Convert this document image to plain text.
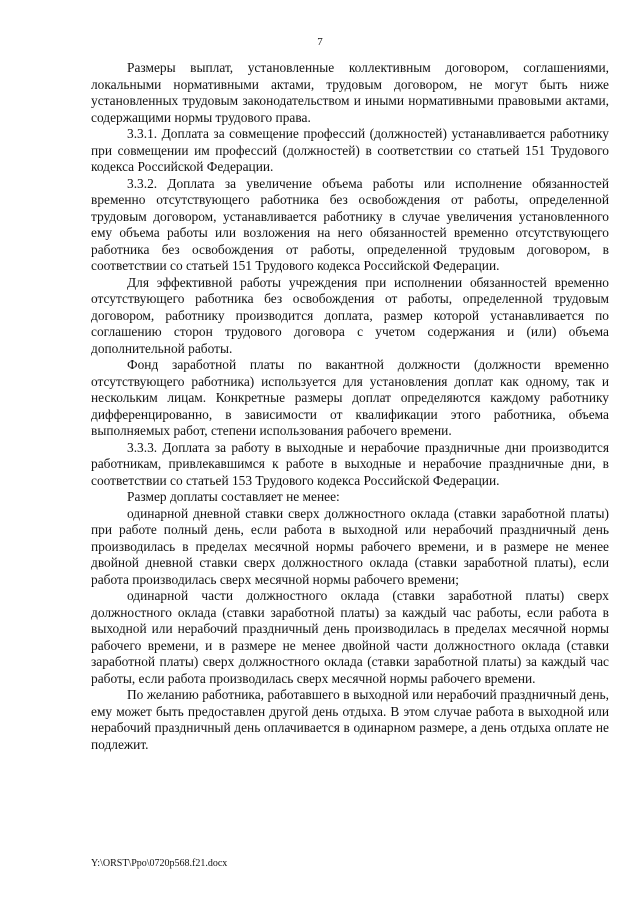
7

Размеры выплат, установленные коллективным договором, соглашениями, локальными нормативными актами, трудовым договором, не могут быть ниже установленных трудовым законодательством и иными нормативными правовыми актами, содержащими нормы трудового права.

3.3.1. Доплата за совмещение профессий (должностей) устанавливается работнику при совмещении им профессий (должностей) в соответствии со статьей 151 Трудового кодекса Российской Федерации.

3.3.2. Доплата за увеличение объема работы или исполнение обязанностей временно отсутствующего работника без освобождения от работы, определенной трудовым договором, устанавливается работнику в случае увеличения установленного ему объема работы или возложения на него обязанностей временно отсутствующего работника без освобождения от работы, определенной трудовым договором, в соответствии со статьей 151 Трудового кодекса Российской Федерации.

Для эффективной работы учреждения при исполнении обязанностей временно отсутствующего работника без освобождения от работы, определенной трудовым договором, работнику производится доплата, размер которой устанавливается по соглашению сторон трудового договора с учетом содержания и (или) объема дополнительной работы.

Фонд заработной платы по вакантной должности (должности временно отсутствующего работника) используется для установления доплат как одному, так и нескольким лицам. Конкретные размеры доплат определяются каждому работнику дифференцированно, в зависимости от квалификации этого работника, объема выполняемых работ, степени использования рабочего времени.

3.3.3. Доплата за работу в выходные и нерабочие праздничные дни производится работникам, привлекавшимся к работе в выходные и нерабочие праздничные дни, в соответствии со статьей 153 Трудового кодекса Российской Федерации.

Размер доплаты составляет не менее:

одинарной дневной ставки сверх должностного оклада (ставки заработной платы) при работе полный день, если работа в выходной или нерабочий праздничный день производилась в пределах месячной нормы рабочего времени, и в размере не менее двойной дневной ставки сверх должностного оклада (ставки заработной платы), если работа производилась сверх месячной нормы рабочего времени;

одинарной части должностного оклада (ставки заработной платы) сверх должностного оклада (ставки заработной платы) за каждый час работы, если работа в выходной или нерабочий праздничный день производилась в пределах месячной нормы рабочего времени, и в размере не менее двойной части должностного оклада (ставки заработной платы) сверх должностного оклада (ставки заработной платы) за каждый час работы, если работа производилась сверх месячной нормы рабочего времени.

По желанию работника, работавшего в выходной или нерабочий праздничный день, ему может быть предоставлен другой день отдыха. В этом случае работа в выходной или нерабочий праздничный день оплачивается в одинарном размере, а день отдыха оплате не подлежит.

Y:\ORST\Ppo\0720p568.f21.docx
